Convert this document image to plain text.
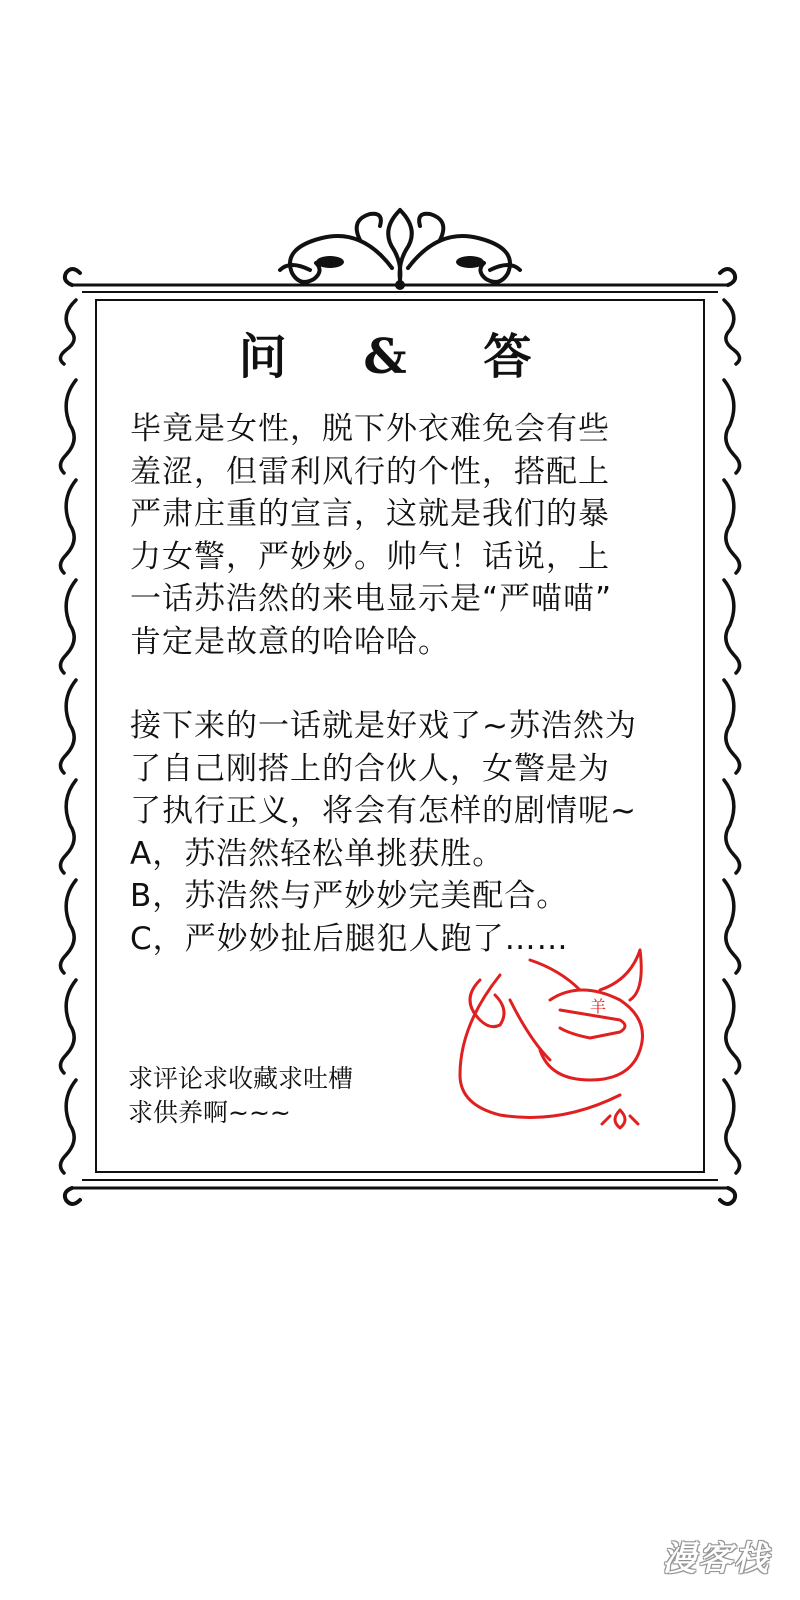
问 & 答

毕竟是女性，脱下外衣难免会有些

羞涩，但雷利风行的个性，搭配上

严肃庄重的宣言，这就是我们的暴

力女警，严妙妙。帅气！话说，上

一话苏浩然的来电显示是“严喵喵”

肯定是故意的哈哈哈。

接下来的一话就是好戏了~苏浩然为

了自己刚搭上的合伙人，女警是为

了执行正义，将会有怎样的剧情呢~

A，苏浩然轻松单挑获胜。

B，苏浩然与严妙妙完美配合。

C，严妙妙扯后腿犯人跑了……

求评论求收藏求吐槽

求供养啊~~~

羊
漫客栈
